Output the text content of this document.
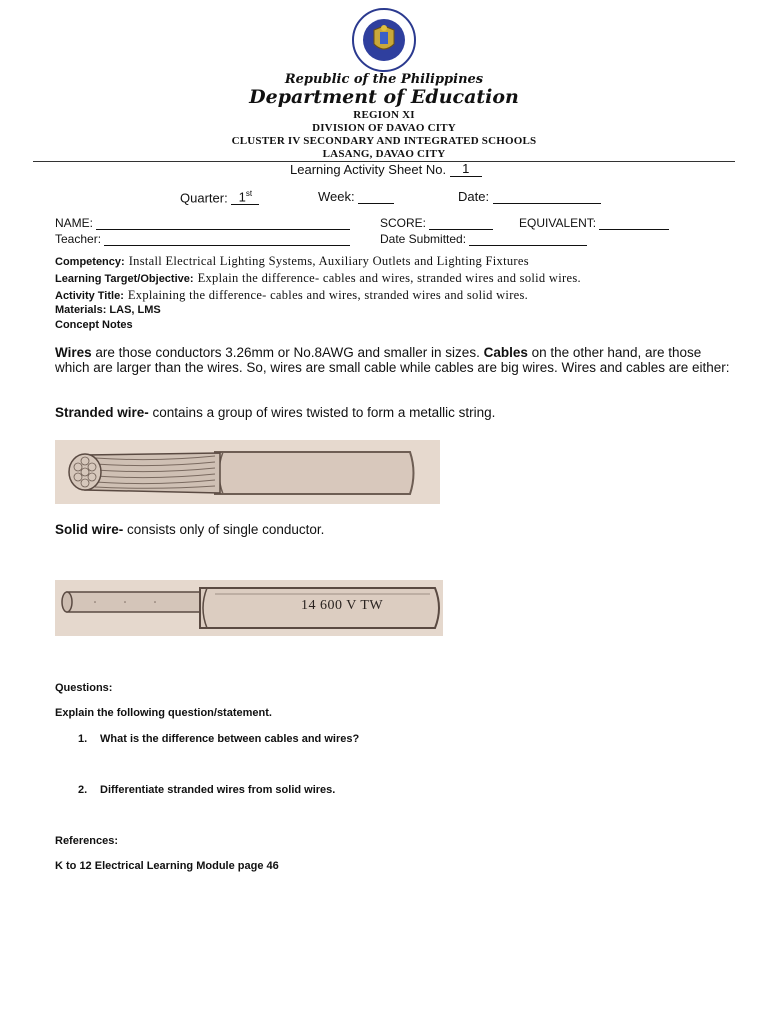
Republic of the Philippines
Department of Education
REGION XI
DIVISION OF DAVAO CITY
CLUSTER IV SECONDARY AND INTEGRATED SCHOOLS
LASANG, DAVAO CITY
Learning Activity Sheet No. 1
Quarter: 1st	Week:	Date:
NAME:	SCORE:	EQUIVALENT:
Teacher:	Date Submitted:
Competency: Install Electrical Lighting Systems, Auxiliary Outlets and Lighting Fixtures
Learning Target/Objective: Explain the difference- cables and wires, stranded wires and solid wires.
Activity Title: Explaining the difference- cables and wires, stranded wires and solid wires.
Materials: LAS, LMS
Concept Notes
Wires are those conductors 3.26mm or No.8AWG and smaller in sizes. Cables on the other hand, are those which are larger than the wires. So, wires are small cable while cables are big wires. Wires and cables are either:
Stranded wire- contains a group of wires twisted to form a metallic string.
Solid wire- consists only of single conductor.
14 600 V TW
Questions:
Explain the following question/statement.
1. What is the difference between cables and wires?
2. Differentiate stranded wires from solid wires.
References:
K to 12 Electrical Learning Module page 46
